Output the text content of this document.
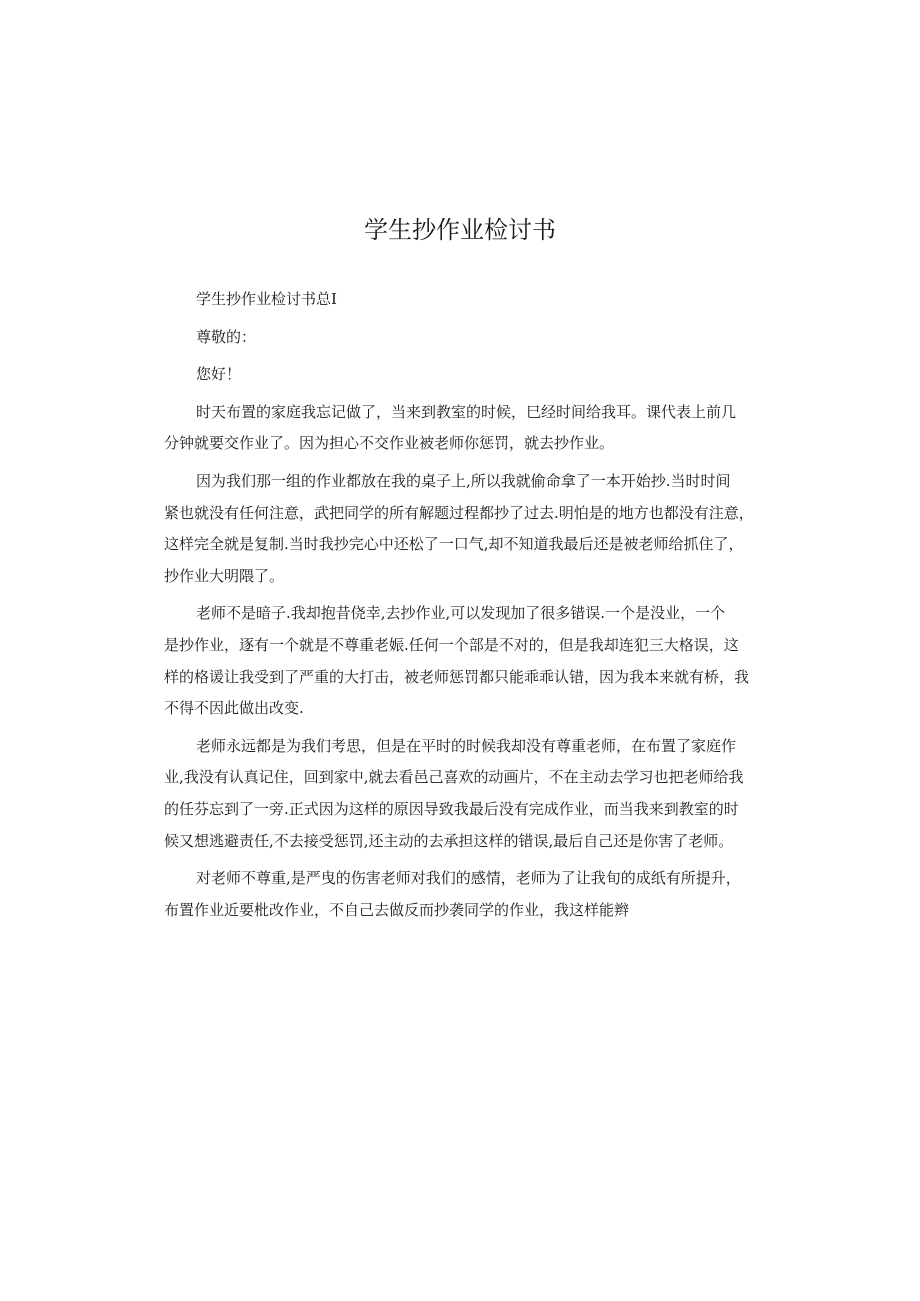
学生抄作业检讨书
学生抄作业检讨书总I
尊敬的：
您好！
时天布置的家庭我忘记做了，当来到教室的时候，巳经时间给我耳。课代表上前几
分钟就要交作业了。因为担心不交作业被老师你惩罚，就去抄作业。
因为我们那一组的作业都放在我的桌子上,所以我就偷命拿了一本开始抄.当时时间
紧也就没有任何注意，武把同学的所有解题过程都抄了过去.明怕是的地方也都没有注意，
这样完全就是复制.当时我抄完心中还松了一口气,却不知道我最后还是被老师给抓住了，
抄作业大明隈了。
老师不是暗子.我却抱昔侥幸,去抄作业,可以发现加了很多错误.一个是没业，一个
是抄作业，逐有一个就是不尊重老娠.任何一个部是不对的，但是我却连犯三大格误，这
样的格谖让我受到了严重的大打击，被老师惩罚都只能乖乖认错，因为我本来就有桥，我
不得不因此做出改变.
老师永远都是为我们考思，但是在平时的时候我却没有尊重老师，在布置了家庭作
业,我没有认真记住，回到家中,就去看邑己喜欢的动画片，不在主动去学习也把老师给我
的任芬忘到了一旁.正式因为这样的原因导致我最后没有完成作业，而当我来到教室的时
候又想逃避责任,不去接受惩罚,还主动的去承担这样的错误,最后自己还是你害了老师。
对老师不尊重,是严曳的伤害老师对我们的感情，老师为了让我旬的成纸有所提升，
布置作业近要枇改作业，不自己去做反而抄袭同学的作业，我这样能辫
